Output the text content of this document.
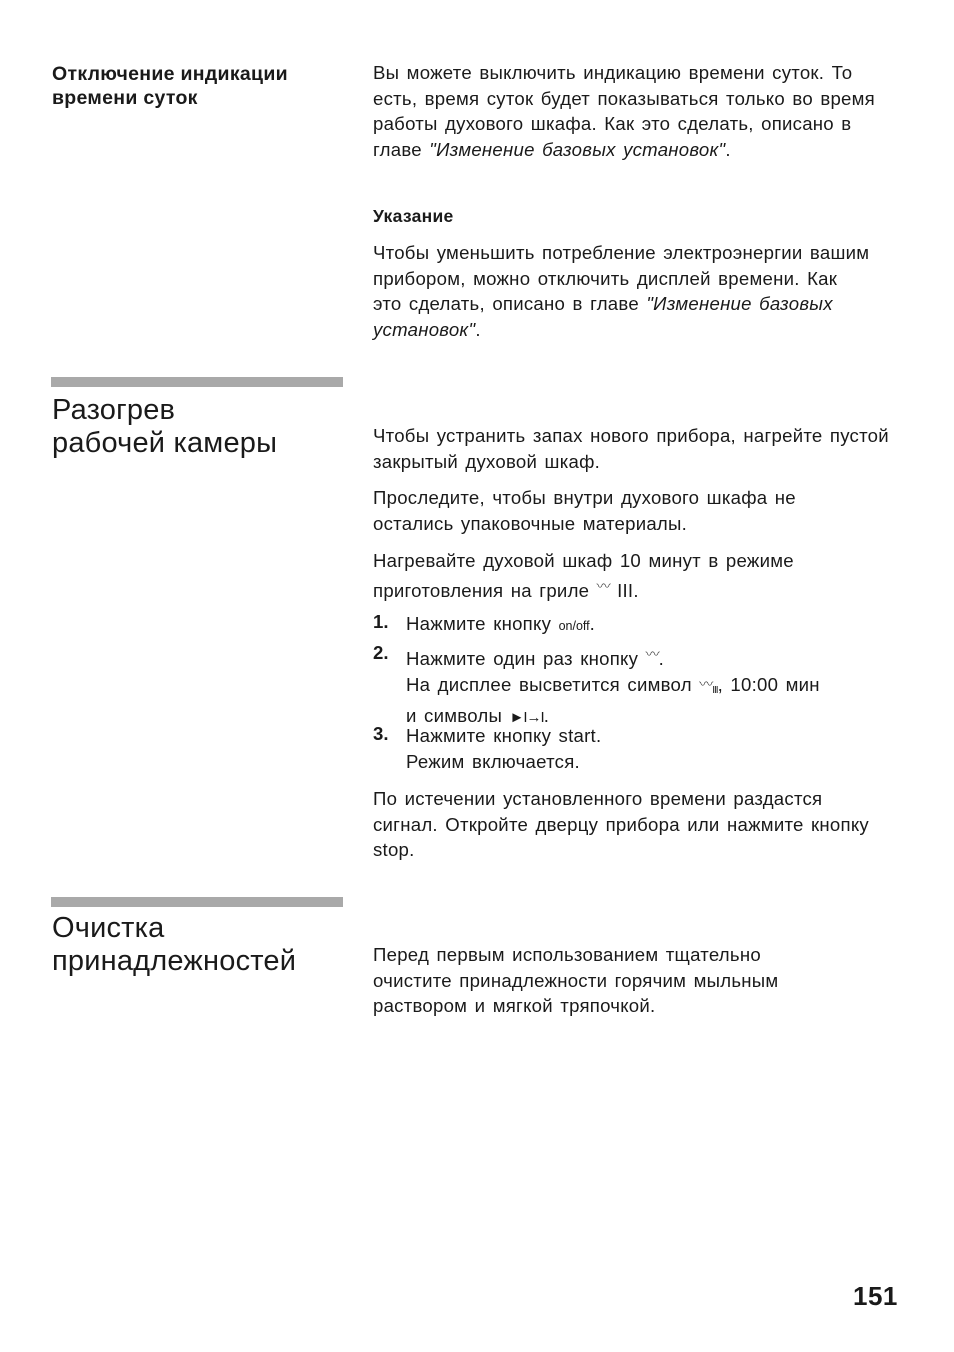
Отключение индикации
времени суток
Вы можете выключить индикацию времени суток. То есть, время суток будет показываться только во время работы духового шкафа. Как это сделать, описано в главе "Изменение базовых установок".
Указание
Чтобы уменьшить потребление электроэнергии вашим прибором, можно отключить дисплей времени. Как это сделать, описано в главе "Изменение базовых установок".
Разогрев
рабочей камеры	Чтобы устранить запах нового прибора, нагрейте пустой закрытый духовой шкаф.
Проследите, чтобы внутри духового шкафа не остались упаковочные материалы.
Нагревайте духовой шкаф 10 минут в режиме приготовления на гриле 〰 III.
1. Нажмите кнопку on/off.
2. Нажмите один раз кнопку 〰.
На дисплее высветится символ 〰$_{III}$, 10:00 мин
и символы ►I→I.
3. Нажмите кнопку start.
Режим включается.
По истечении установленного времени раздастся сигнал. Откройте дверцу прибора или нажмите кнопку stop.
Очистка
принадлежностей	Перед первым использованием тщательно очистите принадлежности горячим мыльным раствором и мягкой тряпочкой.
151
